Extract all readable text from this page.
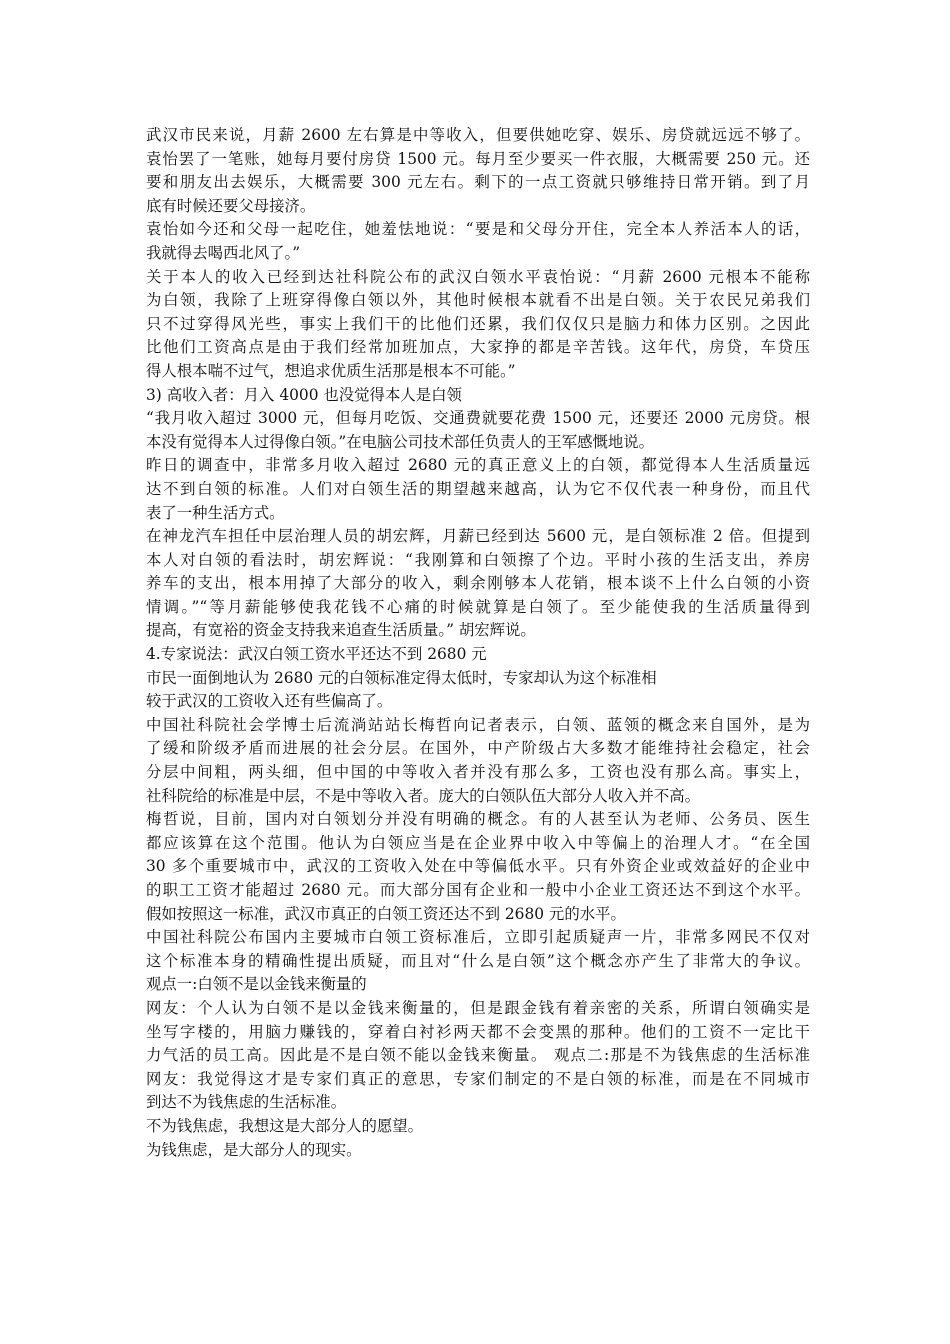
武汉市民来说，月薪 2600 左右算是中等收入，但要供她吃穿、娱乐、房贷就远远不够了。
袁怡罢了一笔账，她每月要付房贷 1500 元。每月至少要买一件衣服，大概需要 250 元。还
要和朋友出去娱乐，大概需要 300 元左右。剩下的一点工资就只够维持日常开销。到了月
底有时候还要父母接济。
袁怡如今还和父母一起吃住，她羞怯地说：“要是和父母分开住，完全本人养活本人的话，
我就得去喝西北风了。”
关于本人的收入已经到达社科院公布的武汉白领水平袁怡说：“月薪 2600 元根本不能称
为白领，我除了上班穿得像白领以外，其他时候根本就看不出是白领。关于农民兄弟我们
只不过穿得风光些，事实上我们干的比他们还累，我们仅仅只是脑力和体力区别。之因此
比他们工资高点是由于我们经常加班加点，大家挣的都是辛苦钱。这年代，房贷，车贷压
得人根本喘不过气，想追求优质生活那是根本不可能。”
3) 高收入者：月入 4000 也没觉得本人是白领
“我月收入超过 3000 元，但每月吃饭、交通费就要花费 1500 元，还要还 2000 元房贷。根
本没有觉得本人过得像白领。”在电脑公司技术部任负责人的王军感慨地说。
昨日的调查中，非常多月收入超过 2680 元的真正意义上的白领，都觉得本人生活质量远
达不到白领的标准。人们对白领生活的期望越来越高，认为它不仅代表一种身份，而且代
表了一种生活方式。
在神龙汽车担任中层治理人员的胡宏辉，月薪已经到达 5600 元，是白领标准 2 倍。但提到
本人对白领的看法时，胡宏辉说：“我刚算和白领擦了个边。平时小孩的生活支出，养房
养车的支出，根本用掉了大部分的收入，剩余刚够本人花销，根本谈不上什么白领的小资
情调。”“等月薪能够使我花钱不心痛的时候就算是白领了。至少能使我的生活质量得到
提高，有宽裕的资金支持我来追查生活质量。” 胡宏辉说。
4.专家说法：武汉白领工资水平还达不到 2680 元
市民一面倒地认为 2680 元的白领标准定得太低时，专家却认为这个标准相
较于武汉的工资收入还有些偏高了。
中国社科院社会学博士后流淌站站长梅哲向记者表示，白领、蓝领的概念来自国外，是为
了缓和阶级矛盾而进展的社会分层。在国外，中产阶级占大多数才能维持社会稳定，社会
分层中间粗，两头细，但中国的中等收入者并没有那么多，工资也没有那么高。事实上，
社科院给的标准是中层，不是中等收入者。庞大的白领队伍大部分人收入并不高。
梅哲说，目前，国内对白领划分并没有明确的概念。有的人甚至认为老师、公务员、医生
都应该算在这个范围。他认为白领应当是在企业界中收入中等偏上的治理人才。“在全国
30 多个重要城市中，武汉的工资收入处在中等偏低水平。只有外资企业或效益好的企业中
的职工工资才能超过 2680 元。而大部分国有企业和一般中小企业工资还达不到这个水平。
假如按照这一标准，武汉市真正的白领工资还达不到 2680 元的水平。
中国社科院公布国内主要城市白领工资标准后，立即引起质疑声一片，非常多网民不仅对
这个标准本身的精确性提出质疑，而且对“什么是白领”这个概念亦产生了非常大的争议。
观点一:白领不是以金钱来衡量的
网友：个人认为白领不是以金钱来衡量的，但是跟金钱有着亲密的关系，所谓白领确实是
坐写字楼的，用脑力赚钱的，穿着白衬衫两天都不会变黑的那种。他们的工资不一定比干
力气活的员工高。因此是不是白领不能以金钱来衡量。 观点二:那是不为钱焦虑的生活标准
网友：我觉得这才是专家们真正的意思，专家们制定的不是白领的标准，而是在不同城市
到达不为钱焦虑的生活标准。
不为钱焦虑，我想这是大部分人的愿望。
为钱焦虑，是大部分人的现实。
